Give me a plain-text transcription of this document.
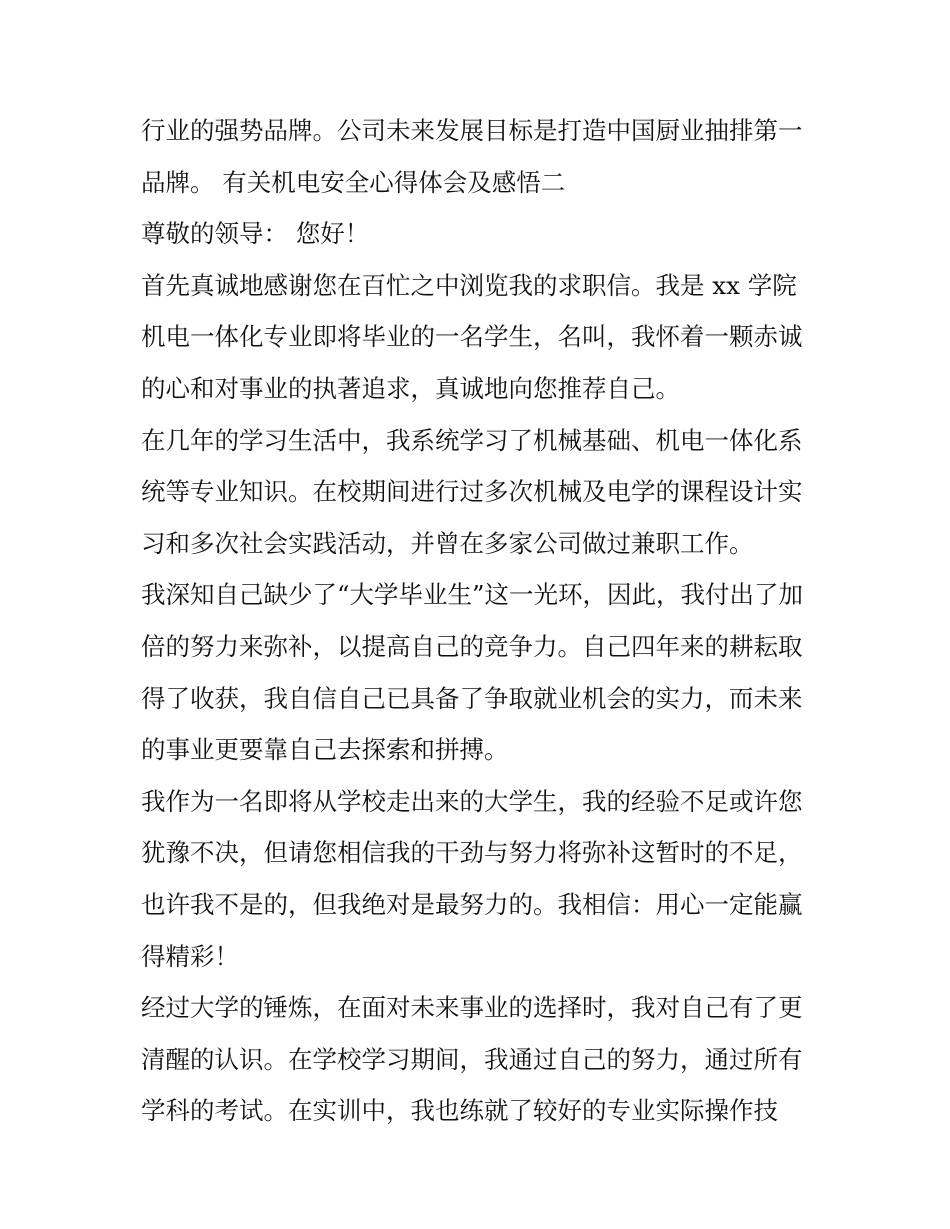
行业的强势品牌。公司未来发展目标是打造中国厨业抽排第一
品牌。 有关机电安全心得体会及感悟二
尊敬的领导： 您好！
首先真诚地感谢您在百忙之中浏览我的求职信。我是 xx 学院
机电一体化专业即将毕业的一名学生，名叫，我怀着一颗赤诚
的心和对事业的执著追求，真诚地向您推荐自己。
在几年的学习生活中，我系统学习了机械基础、机电一体化系
统等专业知识。在校期间进行过多次机械及电学的课程设计实
习和多次社会实践活动，并曾在多家公司做过兼职工作。
我深知自己缺少了“大学毕业生”这一光环，因此，我付出了加
倍的努力来弥补，以提高自己的竞争力。自己四年来的耕耘取
得了收获，我自信自己已具备了争取就业机会的实力，而未来
的事业更要靠自己去探索和拼搏。
我作为一名即将从学校走出来的大学生，我的经验不足或许您
犹豫不决，但请您相信我的干劲与努力将弥补这暂时的不足，
也许我不是的，但我绝对是最努力的。我相信：用心一定能赢
得精彩！
经过大学的锤炼，在面对未来事业的选择时，我对自己有了更
清醒的认识。在学校学习期间，我通过自己的努力，通过所有
学科的考试。在实训中，我也练就了较好的专业实际操作技
